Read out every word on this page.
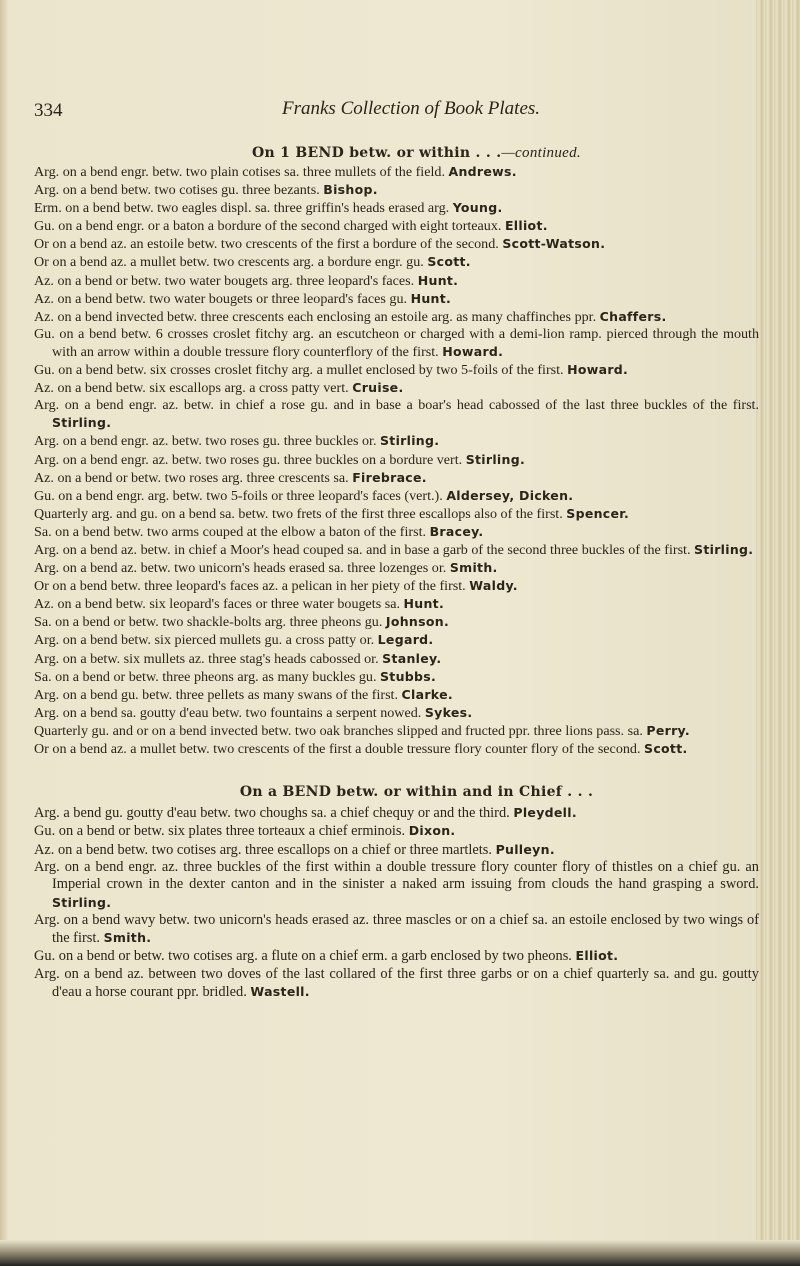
334	Franks Collection of Book Plates.
On 1 BEND betw. or within . . .—continued.
Arg. on a bend engr. betw. two plain cotises sa. three mullets of the field. Andrews.
Arg. on a bend betw. two cotises gu. three bezants. Bishop.
Erm. on a bend betw. two eagles displ. sa. three griffin's heads erased arg. Young.
Gu. on a bend engr. or a baton a bordure of the second charged with eight torteaux. Elliot.
Or on a bend az. an estoile betw. two crescents of the first a bordure of the second. Scott-Watson.
Or on a bend az. a mullet betw. two crescents arg. a bordure engr. gu. Scott.
Az. on a bend or betw. two water bougets arg. three leopard's faces. Hunt.
Az. on a bend betw. two water bougets or three leopard's faces gu. Hunt.
Az. on a bend invected betw. three crescents each enclosing an estoile arg. as many chaffinches ppr. Chaffers.
Gu. on a bend betw. 6 crosses croslet fitchy arg. an escutcheon or charged with a demi-lion ramp. pierced through the mouth with an arrow within a double tressure flory counterflory of the first. Howard.
Gu. on a bend betw. six crosses croslet fitchy arg. a mullet enclosed by two 5-foils of the first. Howard.
Az. on a bend betw. six escallops arg. a cross patty vert. Cruise.
Arg. on a bend engr. az. betw. in chief a rose gu. and in base a boar's head cabossed of the last three buckles of the first. Stirling.
Arg. on a bend engr. az. betw. two roses gu. three buckles or. Stirling.
Arg. on a bend engr. az. betw. two roses gu. three buckles on a bordure vert. Stirling.
Az. on a bend or betw. two roses arg. three crescents sa. Firebrace.
Gu. on a bend engr. arg. betw. two 5-foils or three leopard's faces (vert.). Aldersey, Dicken.
Quarterly arg. and gu. on a bend sa. betw. two frets of the first three escallops also of the first. Spencer.
Sa. on a bend betw. two arms couped at the elbow a baton of the first. Bracey.
Arg. on a bend az. betw. in chief a Moor's head couped sa. and in base a garb of the second three buckles of the first. Stirling.
Arg. on a bend az. betw. two unicorn's heads erased sa. three lozenges or. Smith.
Or on a bend betw. three leopard's faces az. a pelican in her piety of the first. Waldy.
Az. on a bend betw. six leopard's faces or three water bougets sa. Hunt.
Sa. on a bend or betw. two shackle-bolts arg. three pheons gu. Johnson.
Arg. on a bend betw. six pierced mullets gu. a cross patty or. Legard.
Arg. on a betw. six mullets az. three stag's heads cabossed or. Stanley.
Sa. on a bend or betw. three pheons arg. as many buckles gu. Stubbs.
Arg. on a bend gu. betw. three pellets as many swans of the first. Clarke.
Arg. on a bend sa. goutty d'eau betw. two fountains a serpent nowed. Sykes.
Quarterly gu. and or on a bend invected betw. two oak branches slipped and fructed ppr. three lions pass. sa. Perry.
Or on a bend az. a mullet betw. two crescents of the first a double tressure flory counter flory of the second. Scott.
On a BEND betw. or within and in Chief . . .
Arg. a bend gu. goutty d'eau betw. two choughs sa. a chief chequy or and the third. Pleydell.
Gu. on a bend or betw. six plates three torteaux a chief erminois. Dixon.
Az. on a bend betw. two cotises arg. three escallops on a chief or three martlets. Pulleyn.
Arg. on a bend engr. az. three buckles of the first within a double tressure flory counter flory of thistles on a chief gu. an Imperial crown in the dexter canton and in the sinister a naked arm issuing from clouds the hand grasping a sword. Stirling.
Arg. on a bend wavy betw. two unicorn's heads erased az. three mascles or on a chief sa. an estoile enclosed by two wings of the first. Smith.
Gu. on a bend or betw. two cotises arg. a flute on a chief erm. a garb enclosed by two pheons. Elliot.
Arg. on a bend az. between two doves of the last collared of the first three garbs or on a chief quarterly sa. and gu. goutty d'eau a horse courant ppr. bridled. Wastell.
